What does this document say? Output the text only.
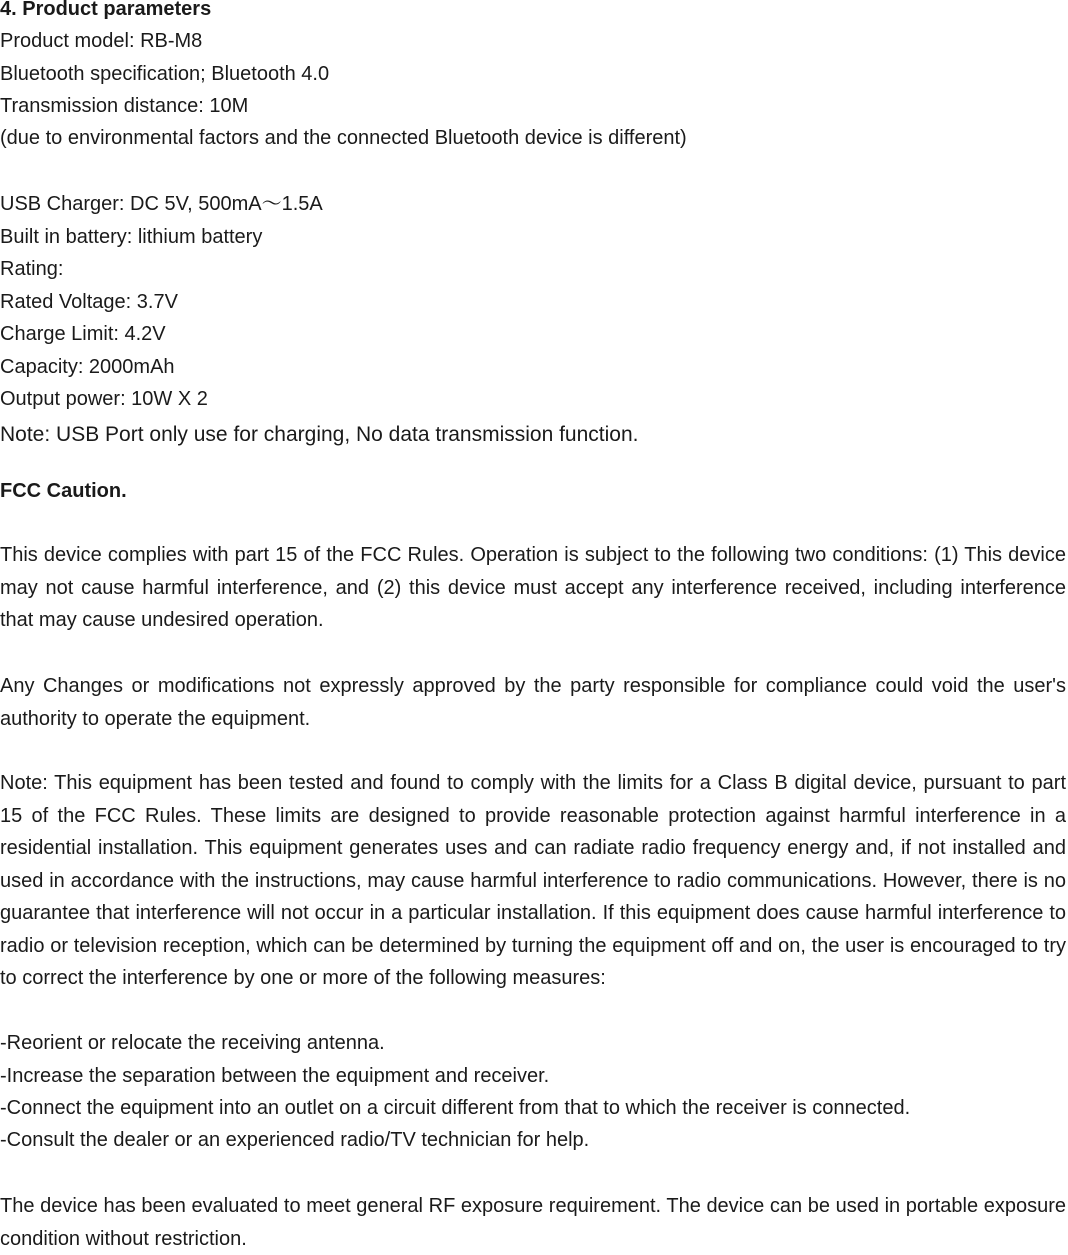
4. Product parameters
Product model: RB-M8
Bluetooth specification; Bluetooth 4.0
Transmission distance: 10M
(due to environmental factors and the connected Bluetooth device is different)
USB Charger: DC 5V, 500mA～1.5A
Built in battery: lithium battery
Rating:
Rated Voltage: 3.7V
Charge Limit: 4.2V
Capacity: 2000mAh
Output power: 10W X 2
Note: USB Port only use for charging, No data transmission function.
FCC Caution.
This device complies with part 15 of the FCC Rules. Operation is subject to the following two conditions: (1) This device may not cause harmful interference, and (2) this device must accept any interference received, including interference that may cause undesired operation.
Any Changes or modifications not expressly approved by the party responsible for compliance could void the user's authority to operate the equipment.
Note: This equipment has been tested and found to comply with the limits for a Class B digital device, pursuant to part 15 of the FCC Rules. These limits are designed to provide reasonable protection against harmful interference in a residential installation. This equipment generates uses and can radiate radio frequency energy and, if not installed and used in accordance with the instructions, may cause harmful interference to radio communications. However, there is no guarantee that interference will not occur in a particular installation. If this equipment does cause harmful interference to radio or television reception, which can be determined by turning the equipment off and on, the user is encouraged to try to correct the interference by one or more of the following measures:
-Reorient or relocate the receiving antenna.
-Increase the separation between the equipment and receiver.
-Connect the equipment into an outlet on a circuit different from that to which the receiver is connected.
-Consult the dealer or an experienced radio/TV technician for help.
The device has been evaluated to meet general RF exposure requirement. The device can be used in portable exposure condition without restriction.
